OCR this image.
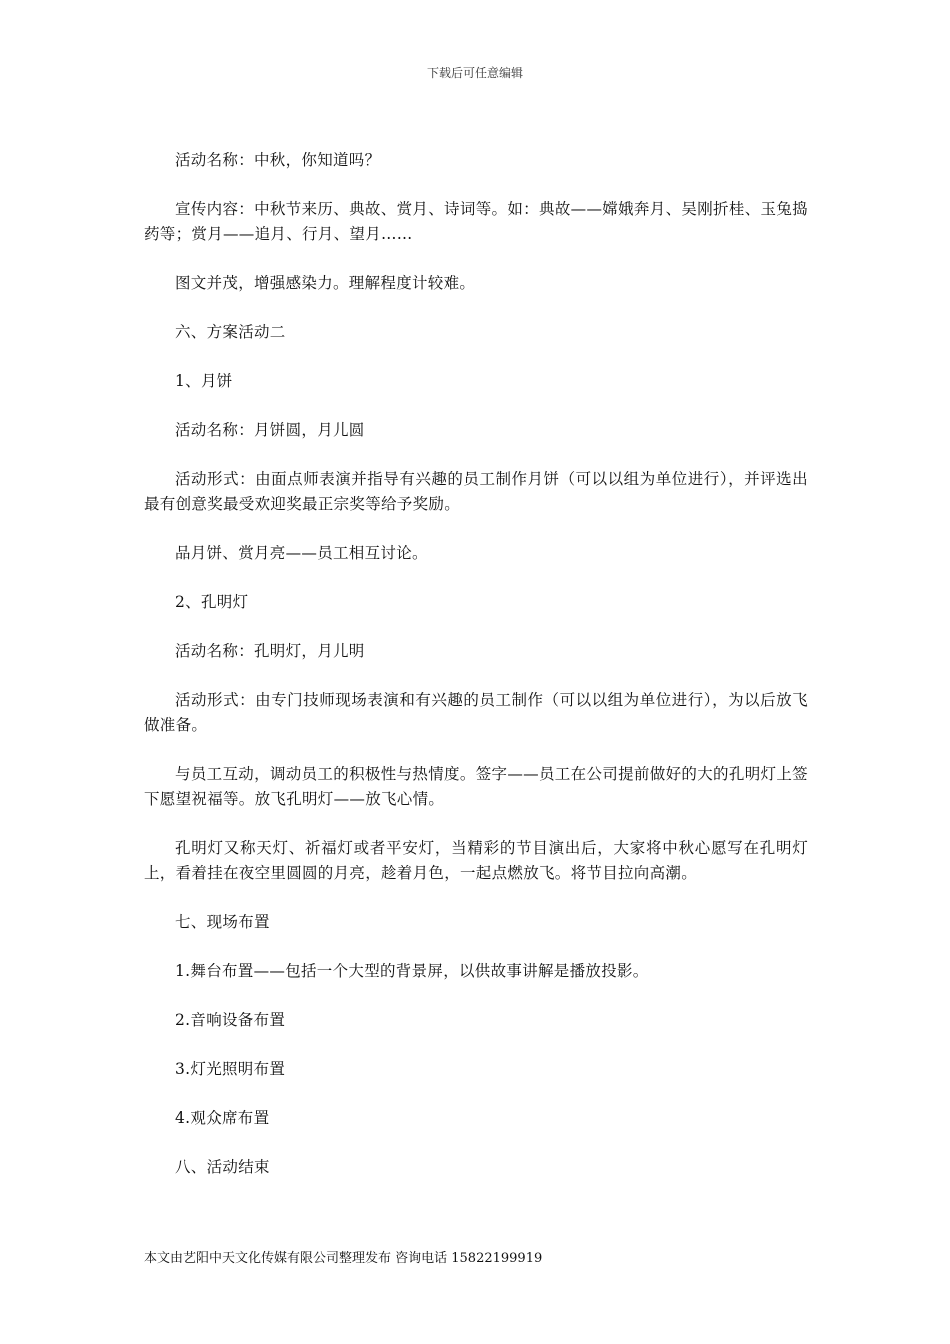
下载后可任意编辑

活动名称：中秋，你知道吗？

宣传内容：中秋节来历、典故、赏月、诗词等。如：典故——嫦娥奔月、吴刚折桂、玉兔捣药等；赏月——追月、行月、望月……

图文并茂，增强感染力。理解程度计较难。

六、方案活动二

1、月饼

活动名称：月饼圆，月儿圆

活动形式：由面点师表演并指导有兴趣的员工制作月饼（可以以组为单位进行），并评选出最有创意奖最受欢迎奖最正宗奖等给予奖励。

品月饼、赏月亮——员工相互讨论。

2、孔明灯

活动名称：孔明灯，月儿明

活动形式：由专门技师现场表演和有兴趣的员工制作（可以以组为单位进行），为以后放飞做准备。

与员工互动，调动员工的积极性与热情度。签字——员工在公司提前做好的大的孔明灯上签下愿望祝福等。放飞孔明灯——放飞心情。

孔明灯又称天灯、祈福灯或者平安灯，当精彩的节目演出后，大家将中秋心愿写在孔明灯上，看着挂在夜空里圆圆的月亮，趁着月色，一起点燃放飞。将节目拉向高潮。

七、现场布置

1.舞台布置——包括一个大型的背景屏，以供故事讲解是播放投影。

2.音响设备布置

3.灯光照明布置

4.观众席布置

八、活动结束

本文由艺阳中天文化传媒有限公司整理发布 咨询电话 15822199919
